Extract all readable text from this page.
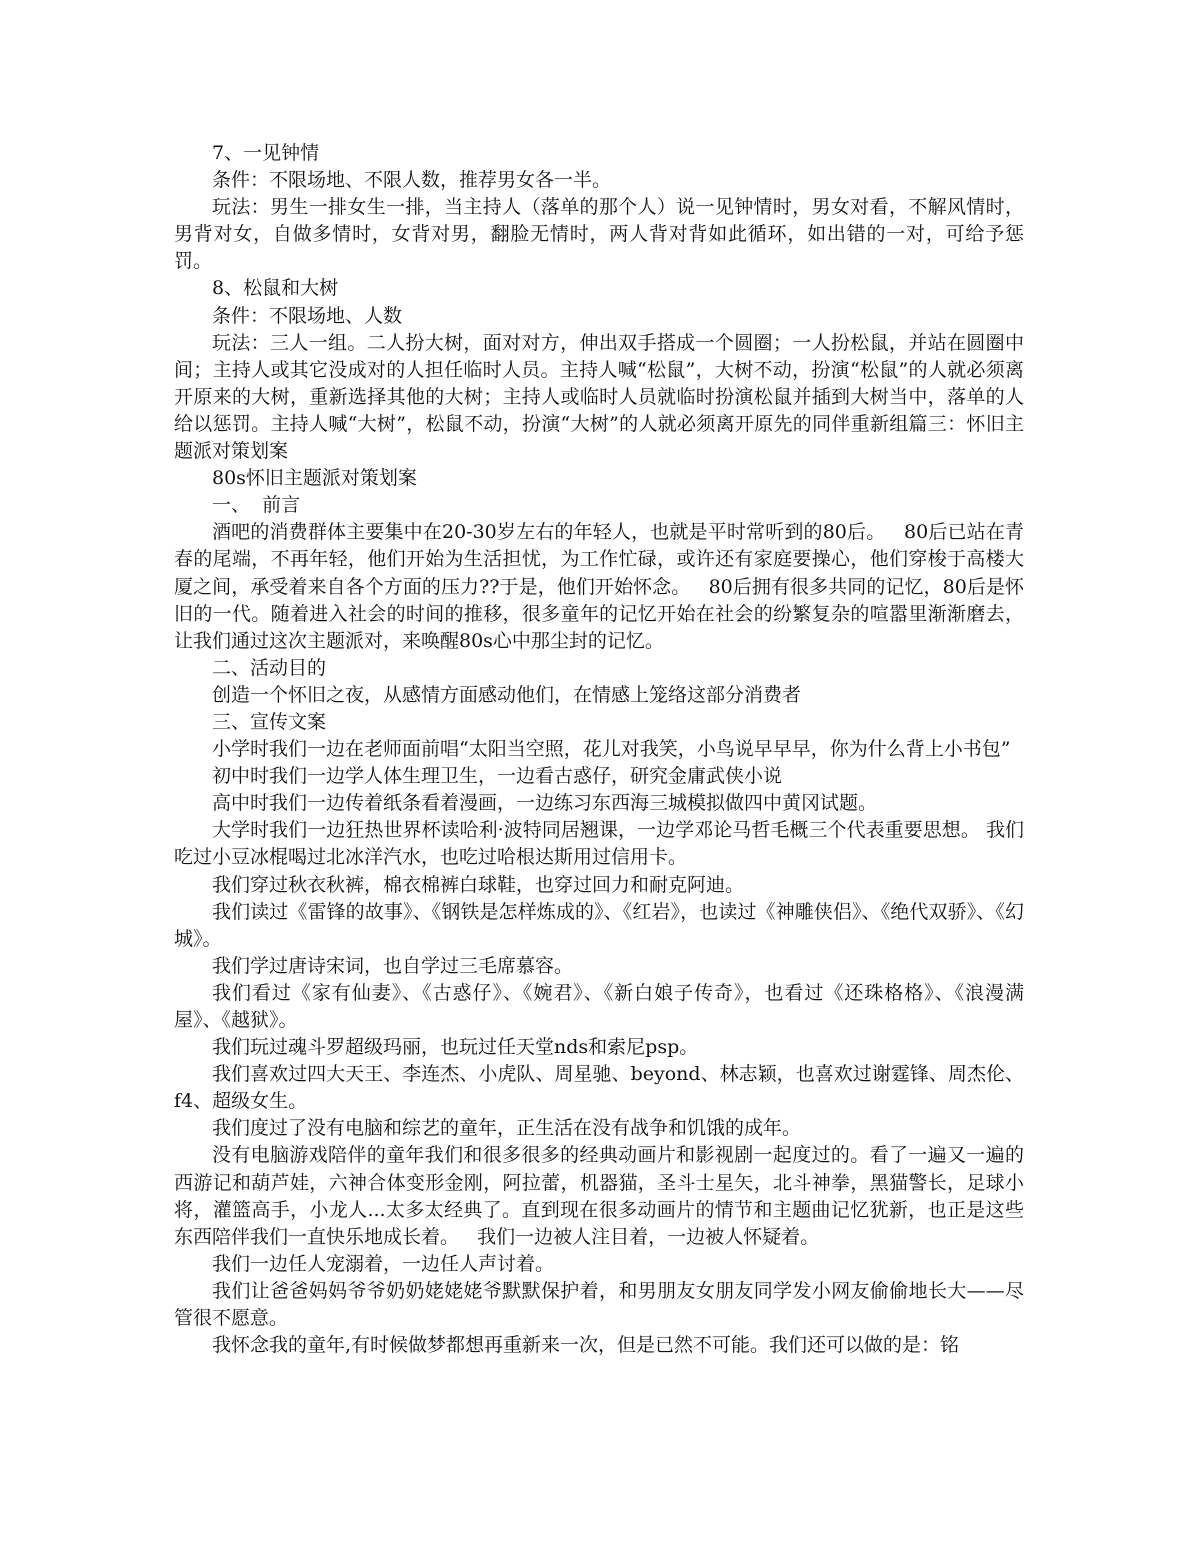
7、一见钟情

条件：不限场地、不限人数，推荐男女各一半。

玩法：男生一排女生一排，当主持人（落单的那个人）说一见钟情时，男女对看，不解风情时，男背对女，自做多情时，女背对男，翻脸无情时，两人背对背如此循环，如出错的一对，可给予惩罚。

8、松鼠和大树

条件：不限场地、人数

玩法：三人一组。二人扮大树，面对对方，伸出双手搭成一个圆圈；一人扮松鼠，并站在圆圈中间；主持人或其它没成对的人担任临时人员。主持人喊“松鼠”，大树不动，扮演“松鼠”的人就必须离开原来的大树，重新选择其他的大树；主持人或临时人员就临时扮演松鼠并插到大树当中，落单的人给以惩罚。主持人喊“大树”，松鼠不动，扮演“大树”的人就必须离开原先的同伴重新组篇三：怀旧主题派对策划案

80s怀旧主题派对策划案

一、  前言

酒吧的消费群体主要集中在20-30岁左右的年轻人，也就是平时常听到的80后。   80后已站在青春的尾端，不再年轻，他们开始为生活担忧，为工作忙碌，或许还有家庭要操心，他们穿梭于高楼大厦之间，承受着来自各个方面的压力??于是，他们开始怀念。   80后拥有很多共同的记忆，80后是怀旧的一代。随着进入社会的时间的推移，很多童年的记忆开始在社会的纷繁复杂的喧嚣里渐渐磨去，让我们通过这次主题派对，来唤醒80s心中那尘封的记忆。

二、活动目的

创造一个怀旧之夜，从感情方面感动他们，在情感上笼络这部分消费者

三、宣传文案

小学时我们一边在老师面前唱“太阳当空照，花儿对我笑，小鸟说早早早，你为什么背上小书包”

初中时我们一边学人体生理卫生，一边看古惑仔，研究金庸武侠小说

高中时我们一边传着纸条看着漫画，一边练习东西海三城模拟做四中黄冈试题。

大学时我们一边狂热世界杯读哈利·波特同居翘课，一边学邓论马哲毛概三个代表重要思想。 我们吃过小豆冰棍喝过北冰洋汽水，也吃过哈根达斯用过信用卡。

我们穿过秋衣秋裤，棉衣棉裤白球鞋，也穿过回力和耐克阿迪。

我们读过《雷锋的故事》、《钢铁是怎样炼成的》、《红岩》，也读过《神雕侠侣》、《绝代双骄》、《幻城》。

我们学过唐诗宋词，也自学过三毛席慕容。

我们看过《家有仙妻》、《古惑仔》、《婉君》、《新白娘子传奇》，也看过《还珠格格》、《浪漫满屋》、《越狱》。

我们玩过魂斗罗超级玛丽，也玩过任天堂nds和索尼psp。

我们喜欢过四大天王、李连杰、小虎队、周星驰、beyond、林志颖，也喜欢过谢霆锋、周杰伦、f4、超级女生。

我们度过了没有电脑和综艺的童年，正生活在没有战争和饥饿的成年。

没有电脑游戏陪伴的童年我们和很多很多的经典动画片和影视剧一起度过的。看了一遍又一遍的西游记和葫芦娃，六神合体变形金刚，阿拉蕾，机器猫，圣斗士星矢，北斗神拳，黑猫警长，足球小将，灌篮高手，小龙人...太多太经典了。直到现在很多动画片的情节和主题曲记忆犹新，也正是这些东西陪伴我们一直快乐地成长着。   我们一边被人注目着，一边被人怀疑着。

我们一边任人宠溺着，一边任人声讨着。

我们让爸爸妈妈爷爷奶奶姥姥姥爷默默保护着，和男朋友女朋友同学发小网友偷偷地长大——尽管很不愿意。

我怀念我的童年,有时候做梦都想再重新来一次，但是已然不可能。我们还可以做的是：铭
